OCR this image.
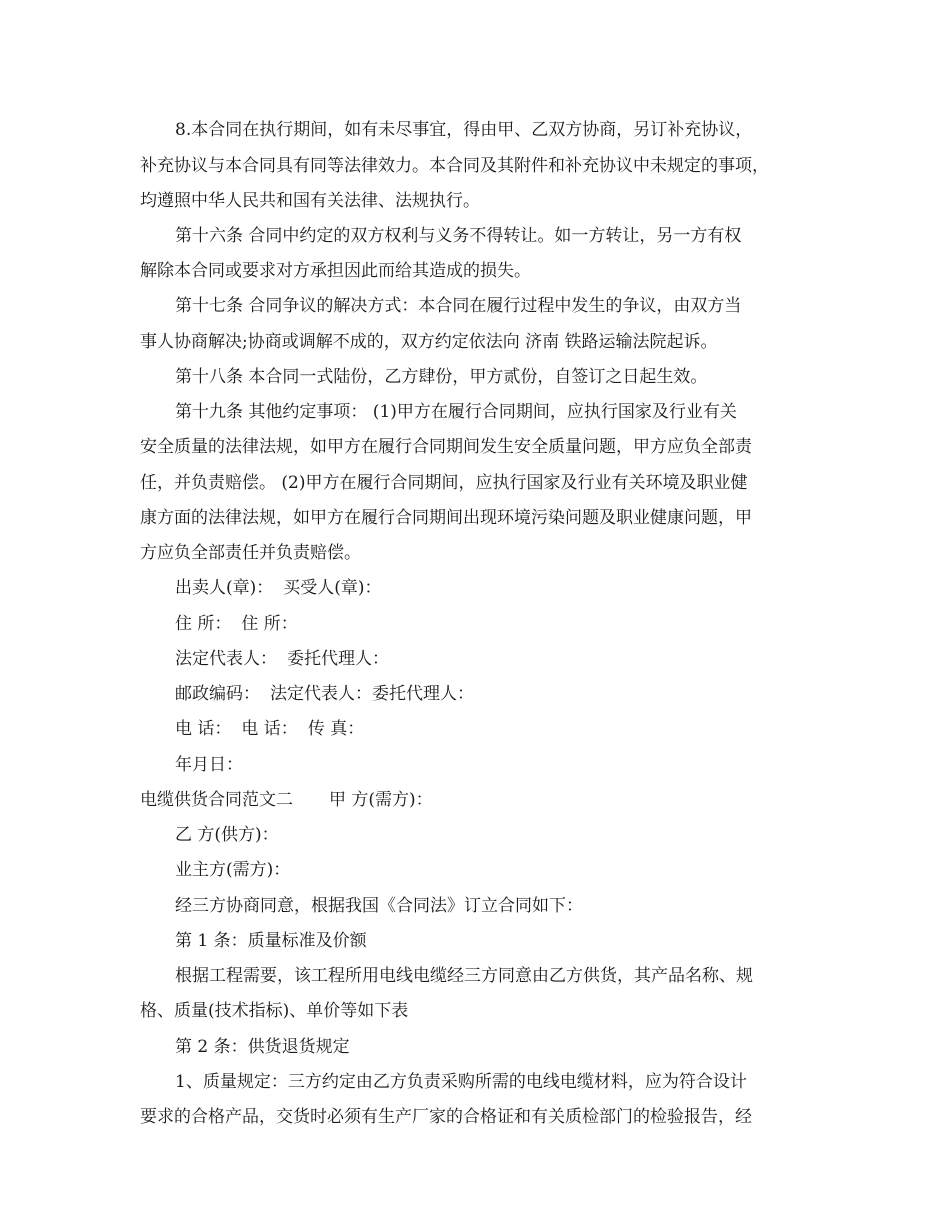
8.本合同在执行期间，如有未尽事宜，得由甲、乙双方协商，另订补充协议，
补充协议与本合同具有同等法律效力。本合同及其附件和补充协议中未规定的事项，
均遵照中华人民共和国有关法律、法规执行。
第十六条 合同中约定的双方权利与义务不得转让。如一方转让，另一方有权
解除本合同或要求对方承担因此而给其造成的损失。
第十七条 合同争议的解决方式：本合同在履行过程中发生的争议，由双方当
事人协商解决;协商或调解不成的，双方约定依法向 济南 铁路运输法院起诉。
第十八条 本合同一式陆份，乙方肆份，甲方贰份，自签订之日起生效。
第十九条 其他约定事项： (1)甲方在履行合同期间，应执行国家及行业有关
安全质量的法律法规，如甲方在履行合同期间发生安全质量问题，甲方应负全部责
任，并负责赔偿。 (2)甲方在履行合同期间，应执行国家及行业有关环境及职业健
康方面的法律法规，如甲方在履行合同期间出现环境污染问题及职业健康问题，甲
方应负全部责任并负责赔偿。
出卖人(章)： 买受人(章)：
住 所： 住 所：
法定代表人： 委托代理人：
邮政编码： 法定代表人：委托代理人：
电 话： 电 话： 传 真：
年月日：
电缆供货合同范文二 甲 方(需方)：
乙 方(供方)：
业主方(需方)：
经三方协商同意，根据我国《合同法》订立合同如下：
第 1 条：质量标准及价额
根据工程需要，该工程所用电线电缆经三方同意由乙方供货，其产品名称、规
格、质量(技术指标)、单价等如下表
第 2 条：供货退货规定
1、质量规定：三方约定由乙方负责采购所需的电线电缆材料，应为符合设计
要求的合格产品，交货时必须有生产厂家的合格证和有关质检部门的检验报告，经
